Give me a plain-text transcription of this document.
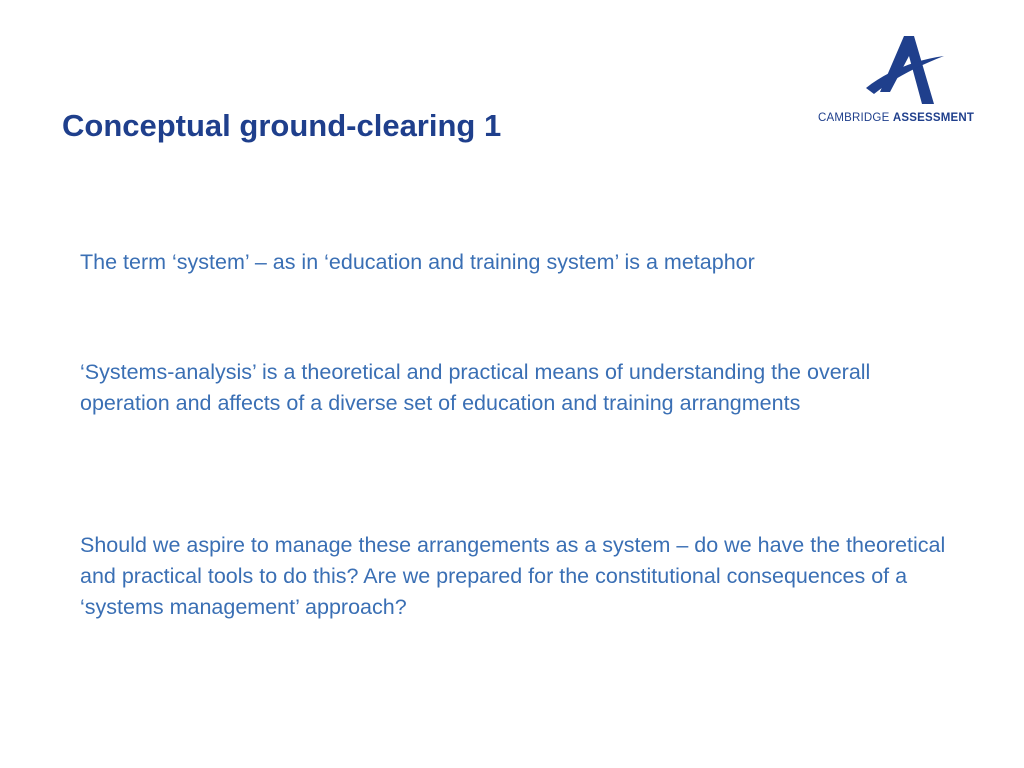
Conceptual ground-clearing 1	CAMBRIDGE ASSESSMENT

The term ‘system’ – as in ‘education and training system’ is a metaphor

‘Systems-analysis’ is a theoretical and practical means of understanding the overall operation and affects of a diverse set of education and training arrangments

Should we aspire to manage these arrangements as a system – do we have the theoretical and practical tools to do this? Are we prepared for the constitutional consequences of a ‘systems management’ approach?
